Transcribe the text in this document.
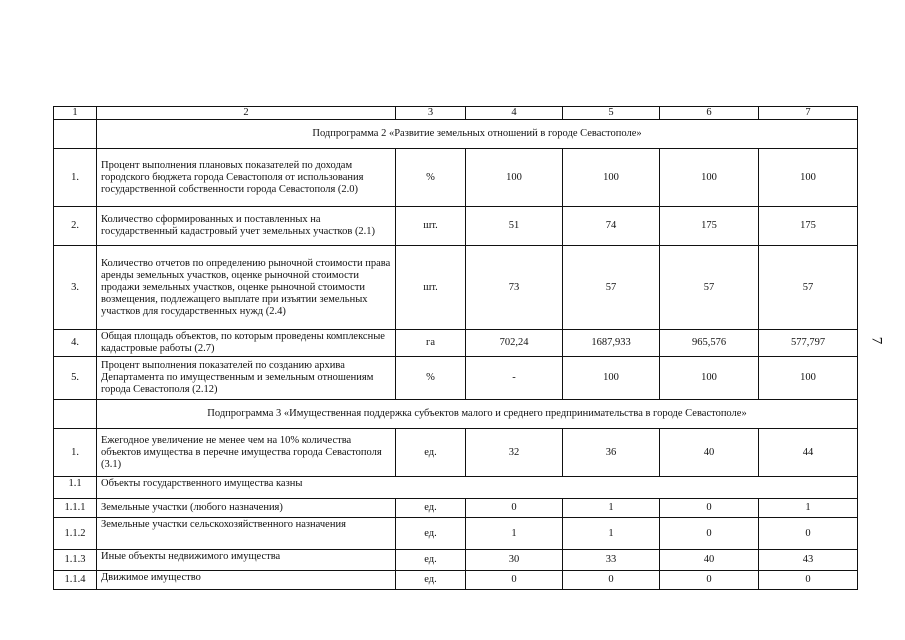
1	2	3	4	5	6	7
	Подпрограмма 2 «Развитие земельных отношений в городе Севастополе»					
1.	Процент выполнения плановых показателей по доходам городского бюджета города Севастополя от использования государственной собственности города Севастополя (2.0)	%	100	100	100	100
2.	Количество сформированных и поставленных на государственный кадастровый учет земельных участков (2.1)	шт.	51	74	175	175
3.	Количество отчетов по определению рыночной стоимости права аренды земельных участков, оценке рыночной стоимости продажи земельных участков, оценке рыночной стоимости возмещения, подлежащего выплате при изъятии земельных участков для государственных нужд (2.4)	шт.	73	57	57	57
4.	Общая площадь объектов, по которым проведены комплексные кадастровые работы (2.7)	га	702,24	1687,933	965,576	577,797
5.	Процент выполнения показателей по созданию архива Департамента по имущественным и земельным отношениям города Севастополя (2.12)	%	-	100	100	100
	Подпрограмма 3 «Имущественная поддержка субъектов малого и среднего предпринимательства в городе Севастополе»					
1.	Ежегодное увеличение не менее чем на 10% количества объектов имущества в перечне имущества города Севастополя (3.1)	ед.	32	36	40	44
1.1	Объекты государственного имущества казны					
1.1.1	Земельные участки (любого назначения)	ед.	0	1	0	1
1.1.2	Земельные участки сельскохозяйственного назначения	ед.	1	1	0	0
1.1.3	Иные объекты недвижимого имущества	ед.	30	33	40	43
1.1.4	Движимое имущество	ед.	0	0	0	0
7
